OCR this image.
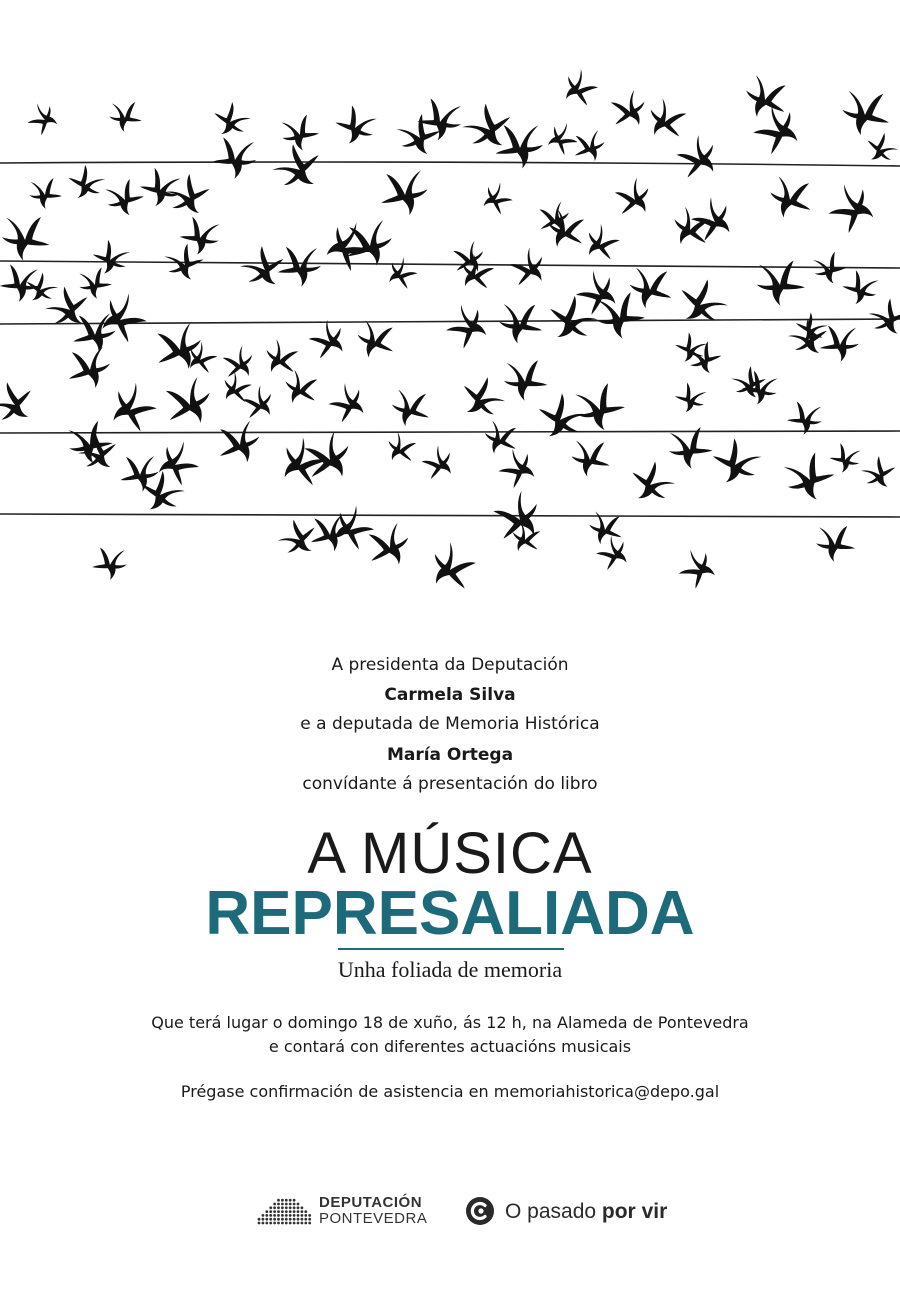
A presidenta da Deputación
Carmela Silva
e a deputada de Memoria Histórica
María Ortega
convídante á presentación do libro
A MÚSICA
REPRESALIADA
Unha foliada de memoria
Que terá lugar o domingo 18 de xuño, ás 12 h, na Alameda de Pontevedra
e contará con diferentes actuacións musicais
Prégase confirmación de asistencia en memoriahistorica@depo.gal
DEPUTACIÓN
PONTEVEDRA	O pasado por vir
